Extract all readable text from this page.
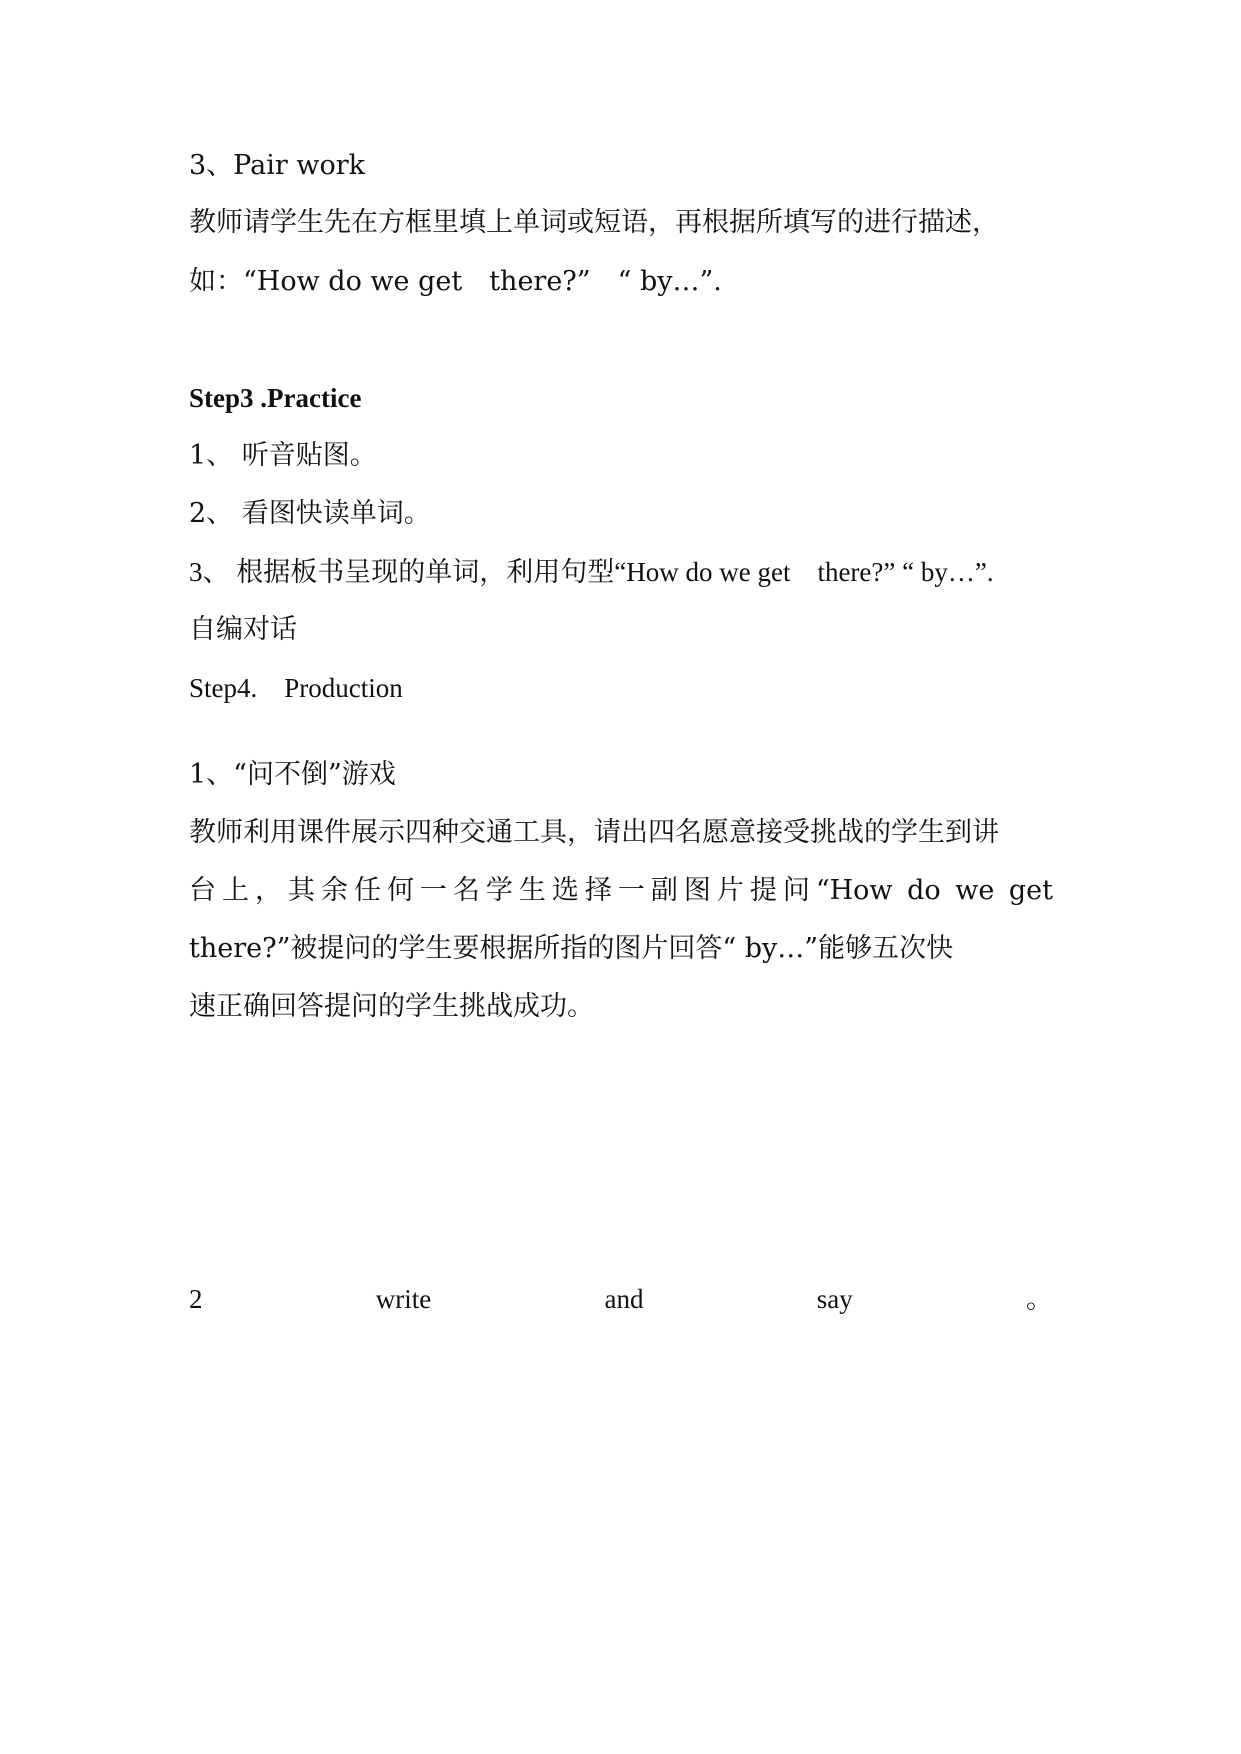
3、Pair work
教师请学生先在方框里填上单词或短语，再根据所填写的进行描述，
如：“How do we get　there?”　“ by…”.
Step3 .Practice
1、 听音贴图。
2、 看图快读单词。
3、 根据板书呈现的单词，利用句型“How do we get　there?” “ by…”.
自编对话
Step4.　Production
1、“问不倒”游戏
教师利用课件展示四种交通工具，请出四名愿意接受挑战的学生到讲
台上，其余任何一名学生选择一副图片提问“How do we get
there?”被提问的学生要根据所指的图片回答“ by…”能够五次快
速正确回答提问的学生挑战成功。
2	write	and	say	。
